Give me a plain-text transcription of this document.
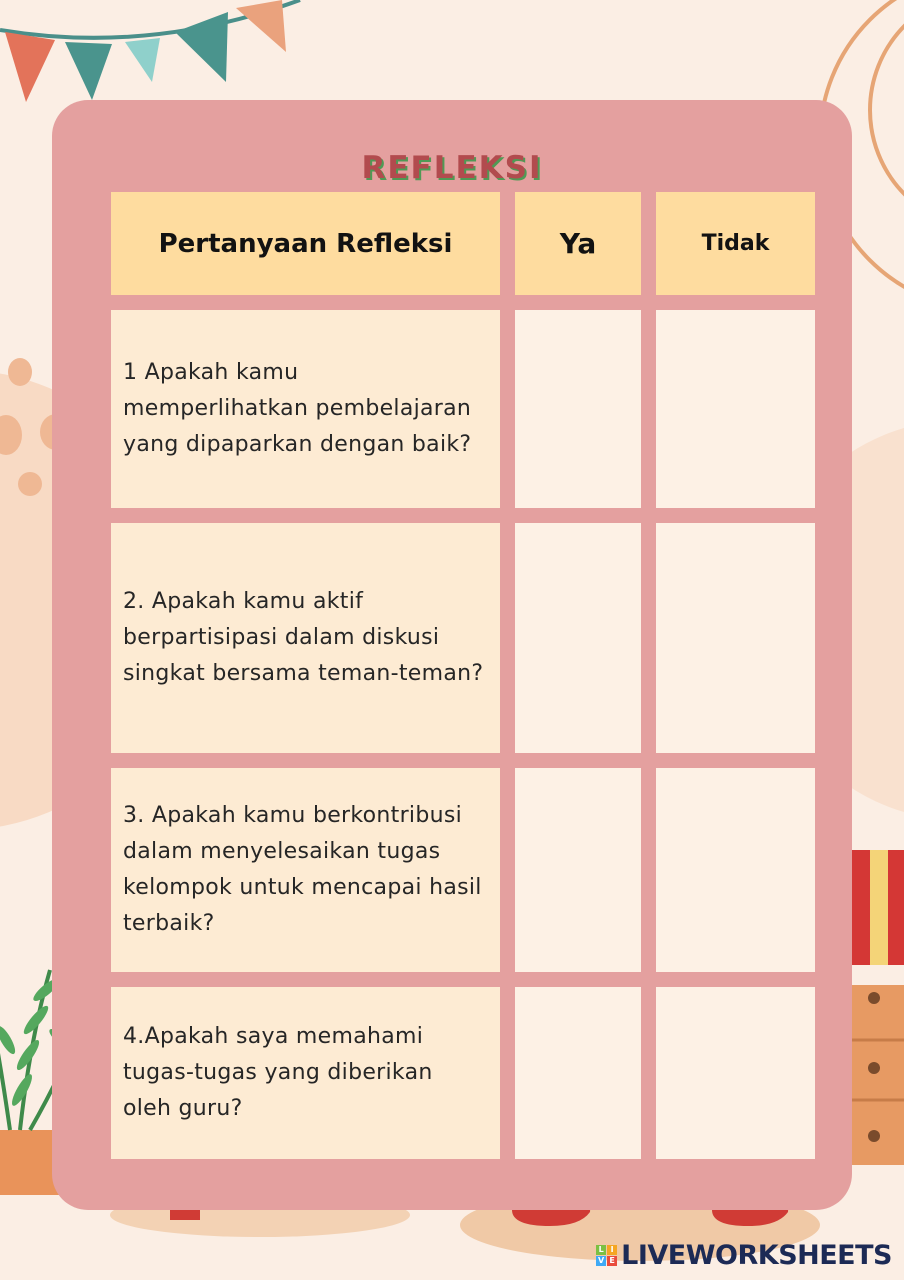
REFLEKSI
Pertanyaan Refleksi	Ya	Tidak
1 Apakah kamu memperlihatkan pembelajaran yang dipaparkan dengan baik?
2. Apakah kamu aktif berpartisipasi dalam diskusi singkat bersama teman-teman?
3. Apakah kamu berkontribusi dalam menyelesaikan tugas kelompok untuk mencapai hasil terbaik?
4.Apakah saya memahami tugas-tugas yang diberikan oleh guru?
L I
V E LIVEWORKSHEETS
